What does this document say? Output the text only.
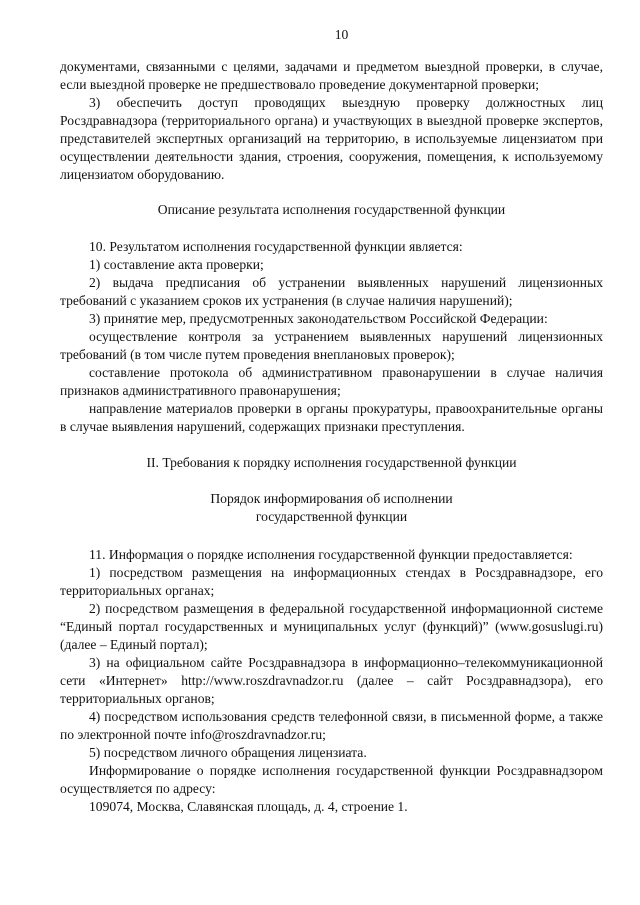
10

документами, связанными с целями, задачами и предметом выездной проверки, в случае, если выездной проверке не предшествовало проведение документарной проверки;

3) обеспечить доступ проводящих выездную проверку должностных лиц Росздравнадзора (территориального органа) и участвующих в выездной проверке экспертов, представителей экспертных организаций на территорию, в используемые лицензиатом при осуществлении деятельности здания, строения, сооружения, помещения, к используемому лицензиатом оборудованию.

Описание результата исполнения государственной функции

10. Результатом исполнения государственной функции является:

1) составление акта проверки;

2) выдача предписания об устранении выявленных нарушений лицензионных требований с указанием сроков их устранения (в случае наличия нарушений);

3) принятие мер, предусмотренных законодательством Российской Федерации:

осуществление контроля за устранением выявленных нарушений лицензионных требований (в том числе путем проведения внеплановых проверок);

составление протокола об административном правонарушении в случае наличия признаков административного правонарушения;

направление материалов проверки в органы прокуратуры, правоохранительные органы в случае выявления нарушений, содержащих признаки преступления.

II. Требования к порядку исполнения государственной функции
Порядок информирования об исполнении
государственной функции

11. Информация о порядке исполнения государственной функции предоставляется:

1) посредством размещения на информационных стендах в Росздравнадзоре, его территориальных органах;

2) посредством размещения в федеральной государственной информационной системе “Единый портал государственных и муниципальных услуг (функций)” (www.gosuslugi.ru) (далее – Единый портал);

3) на официальном сайте Росздравнадзора в информационно–телекоммуникационной сети «Интернет» http://www.roszdravnadzor.ru (далее – сайт Росздравнадзора), его территориальных органов;

4) посредством использования средств телефонной связи, в письменной форме, а также по электронной почте info@roszdravnadzor.ru;

5) посредством личного обращения лицензиата.

Информирование о порядке исполнения государственной функции Росздравнадзором осуществляется по адресу:

109074, Москва, Славянская площадь, д. 4, строение 1.
